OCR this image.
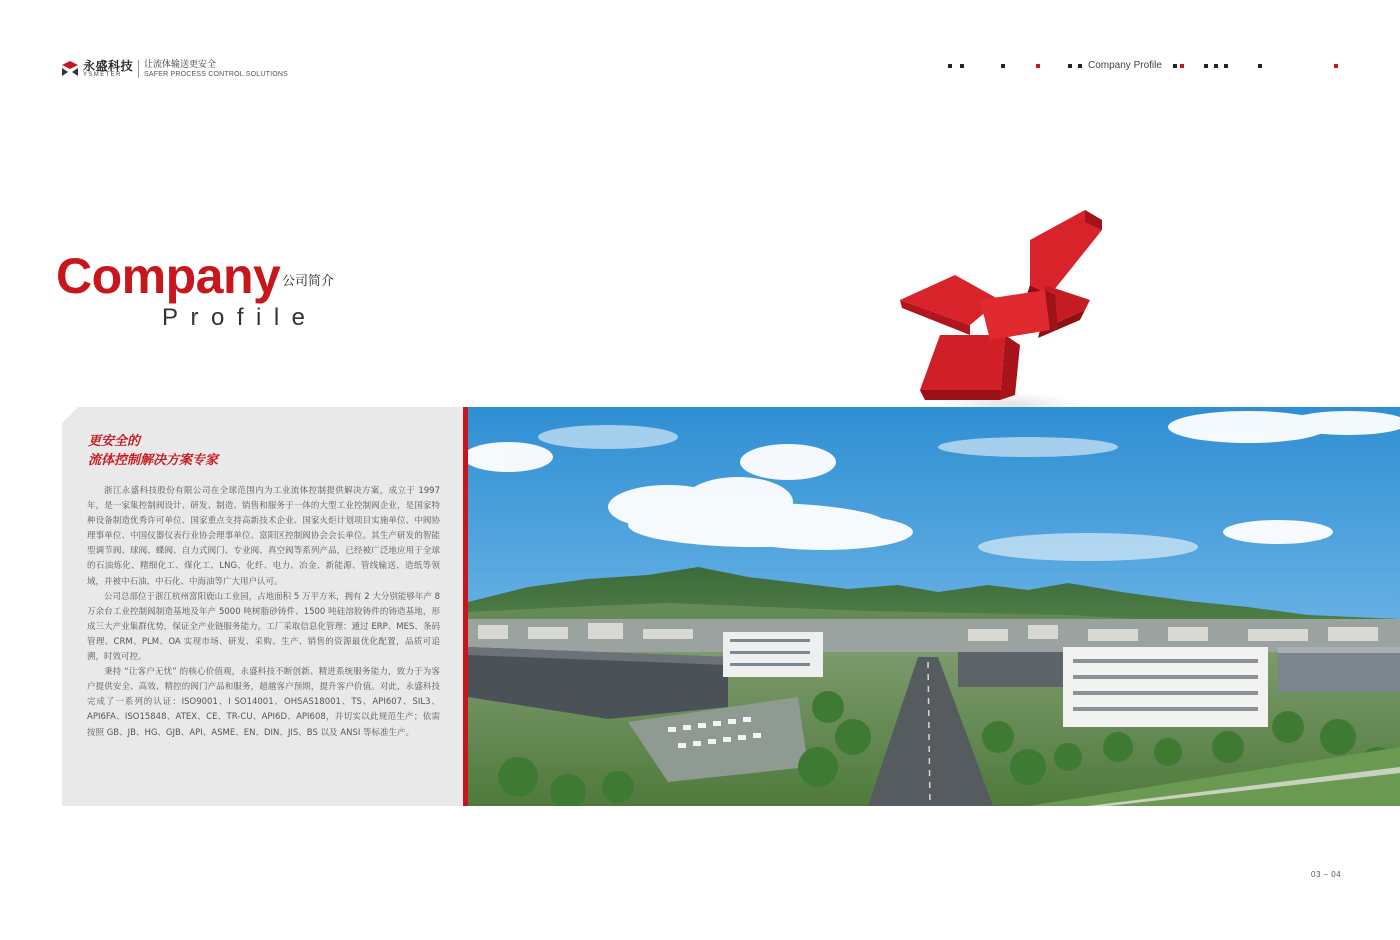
永盛科技
YSMETER
让流体输送更安全
SAFER PROCESS CONTROL SOLUTIONS
Company Profile
Company 公司简介
Profile
更安全的
流体控制解决方案专家

浙江永盛科技股份有限公司在全球范围内为工业流体控制提供解决方案，成立于 1997 年，是一家集控制阀设计、研发、制造、销售和服务于一体的大型工业控制阀企业，是国家特种设备制造优秀许可单位、国家重点支持高新技术企业、国家火炬计划项目实施单位、中阀协理事单位、中国仪器仪表行业协会理事单位、富阳区控制阀协会会长单位。其生产研发的智能型调节阀、球阀、蝶阀、自力式阀门、专业阀、真空阀等系列产品，已经被广泛地应用于全球的石油炼化、精细化工、煤化工、LNG、化纤、电力、冶金、新能源、管线输送、造纸等领域，并被中石油、中石化、中海油等广大用户认可。

公司总部位于浙江杭州富阳鹿山工业园，占地面积 5 万平方米，拥有 2 大分别能够年产 8 万余台工业控制阀制造基地及年产 5000 吨树脂砂铸件、1500 吨硅溶胶铸件的铸造基地，形成三大产业集群优势，保证全产业链服务能力。工厂采取信息化管理：通过 ERP、MES、条码管理、CRM、PLM、OA 实现市场、研发、采购、生产、销售的资源最优化配置，品质可追溯，时效可控。

秉持 “让客户无忧” 的核心价值观，永盛科技不断创新、精进系统服务能力，致力于为客户提供安全、高效、精控的阀门产品和服务，超越客户预期，提升客户价值。对此，永盛科技完成了一系列的认证：ISO9001、I SO14001、OHSAS18001、TS、API607、SIL3、API6FA、ISO15848、ATEX、CE、TR-CU、API6D、API608，并切实以此规范生产；依需按照 GB、JB、HG、GJB、API、ASME、EN、DIN、JIS、BS 以及 ANSI 等标准生产。

03 – 04
